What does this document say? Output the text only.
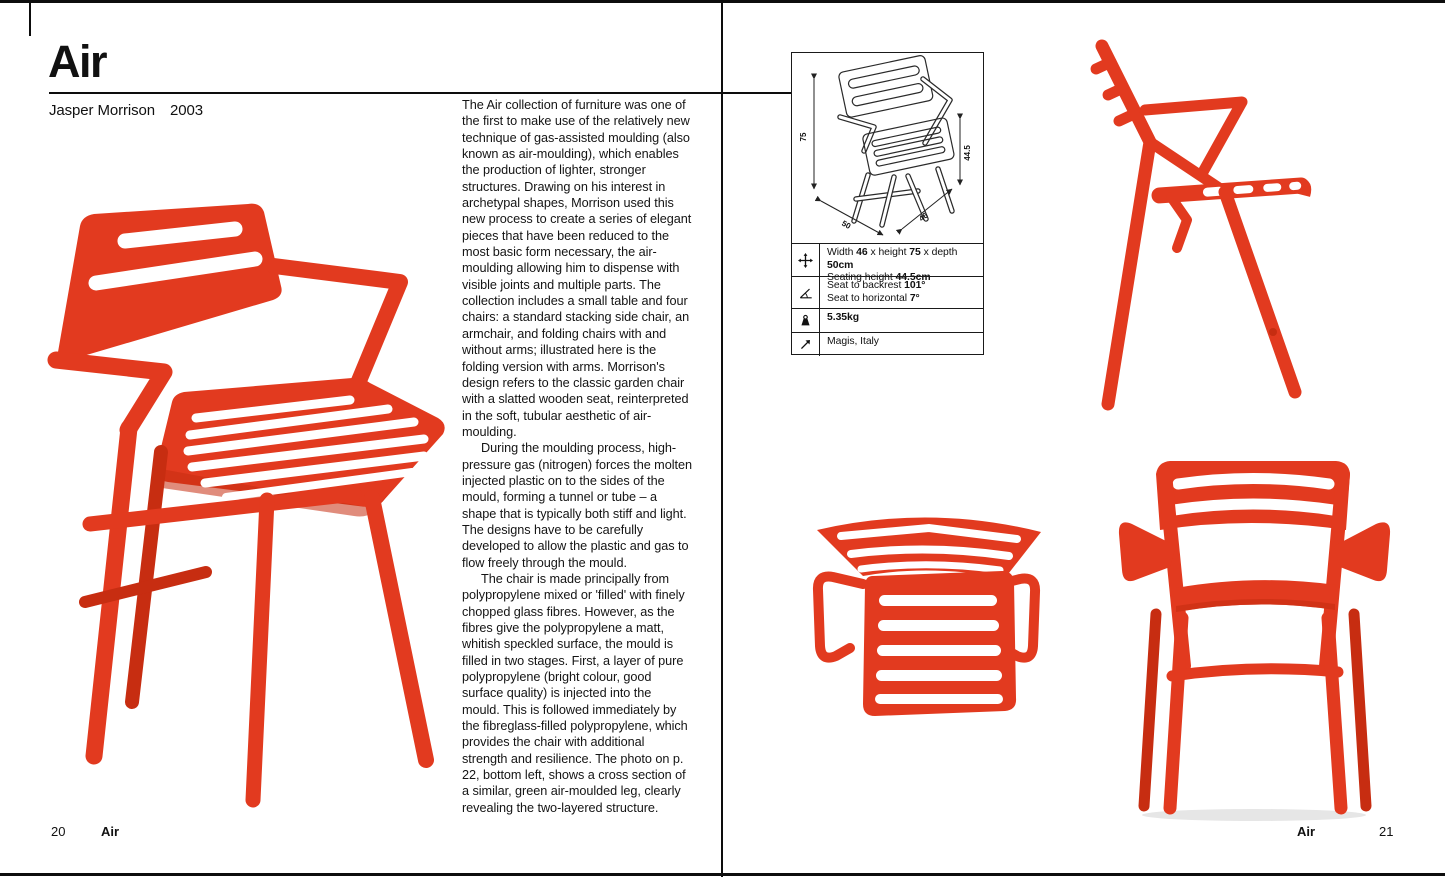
Air
Jasper Morrison 2003	The Air collection of furniture was one of the first to make use of the relatively new technique of gas-assisted moulding (also known as air-moulding), which enables the production of lighter, stronger structures. Drawing on his interest in archetypal shapes, Morrison used this new process to create a series of elegant pieces that have been reduced to the most basic form necessary, the air-moulding allowing him to dispense with visible joints and multiple parts. The collection includes a small table and four chairs: a standard stacking side chair, an armchair, and folding chairs with and without arms; illustrated here is the folding version with arms. Morrison's design refers to the classic garden chair with a slatted wooden seat, reinterpreted in the soft, tubular aesthetic of air-moulding.

During the moulding process, high-pressure gas (nitrogen) forces the molten injected plastic on to the sides of the mould, forming a tunnel or tube – a shape that is typically both stiff and light. The designs have to be carefully developed to allow the plastic and gas to flow freely through the mould.

The chair is made principally from polypropylene mixed or 'filled' with finely chopped glass fibres. However, as the fibres give the polypropylene a matt, whitish speckled surface, the mould is filled in two stages. First, a layer of pure polypropylene (bright colour, good surface quality) is injected into the mould. This is followed immediately by the fibreglass-filled polypropylene, which provides the chair with additional strength and resilience. The photo on p. 22, bottom left, shows a cross section of a similar, green air-moulded leg, clearly revealing the two-layered structure.

20	Air
75
44.5
50
46
Width 46 x height 75 x depth 50cm
Seating height 44.5cm
Seat to backrest 101°
Seat to horizontal 7°
5.35kg
Magis, Italy
Air	21
